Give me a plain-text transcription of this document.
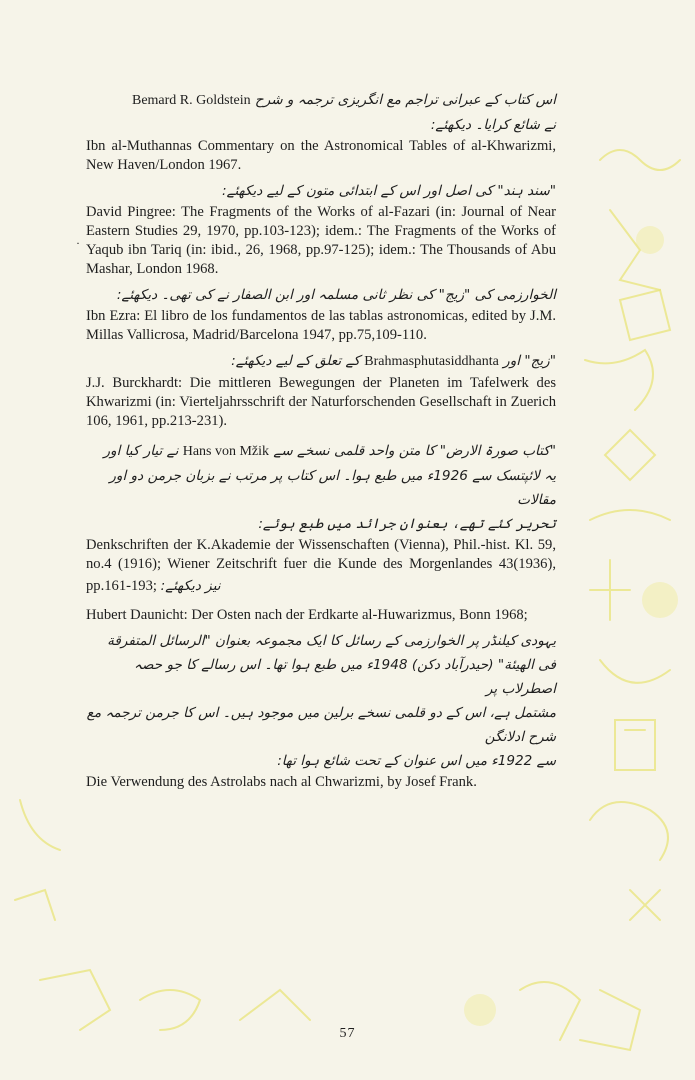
اس کتاب کے عبرانی تراجم مع انگریزی ترجمہ و شرح Bemard R. Goldstein
نے شائع کرایا۔ دیکھئے:

Ibn al-Muthannas Commentary on the Astronomical Tables of al-Khwarizmi, New Haven/London 1967.

"سند ہند" کی اصل اور اس کے ابتدائی متون کے لیے دیکھئے:

David Pingree: The Fragments of the Works of al-Fazari (in: Journal of Near Eastern Studies 29, 1970, pp.103-123); idem.: The Fragments of the Works of Yaqub ibn Tariq (in: ibid., 26, 1968, pp.97-125); idem.: The Thousands of Abu Mashar, London 1968.

الخوارزمی کی "زیج" کی نظر ثانی مسلمہ اور ابن الصفار نے کی تھی۔ دیکھئے:

Ibn Ezra: El libro de los fundamentos de las tablas astronomicas, edited by J.M. Millas Vallicrosa, Madrid/Barcelona 1947, pp.75,109-110.

"زیج" اور Brahmasphutasiddhanta کے تعلق کے لیے دیکھئے:

J.J. Burckhardt: Die mittleren Bewegungen der Planeten im Tafelwerk des Khwarizmi (in: Vierteljahrsschrift der Naturforschenden Gesellschaft in Zuerich 106, 1961, pp.213-231).

"کتاب صورۃ الارض" کا متن واحد قلمی نسخے سے Hans von Mžik نے تیار کیا اور
یہ لائپتسک سے 1926ء میں طبع ہوا۔ اس کتاب پر مرتب نے بزبان جرمن دو اور مقالات
تحریر کئے تھے، بعنوان جرائد میں طبع ہوئے:

Denkschriften der K.Akademie der Wissenschaften (Vienna), Phil.-hist. Kl. 59, no.4 (1916); Wiener Zeitschrift fuer die Kunde des Morgenlandes 43(1936), pp.161-193; نیز دیکھئے:

Hubert Daunicht: Der Osten nach der Erdkarte al-Huwarizmus, Bonn 1968;

یہودی کیلنڈر پر الخوارزمی کے رسائل کا ایک مجموعہ بعنوان "الرسائل المتفرقة
فی الهیئة" (حیدرآباد دکن) 1948ء میں طبع ہوا تھا۔ اس رسالے کا جو حصہ اصطرلاب پر
مشتمل ہے، اس کے دو قلمی نسخے برلین میں موجود ہیں۔ اس کا جرمن ترجمہ مع شرح ادلانگن
سے 1922ء میں اس عنوان کے تحت شائع ہوا تھا:

Die Verwendung des Astrolabs nach al Chwarizmi, by Josef Frank.

·
57
